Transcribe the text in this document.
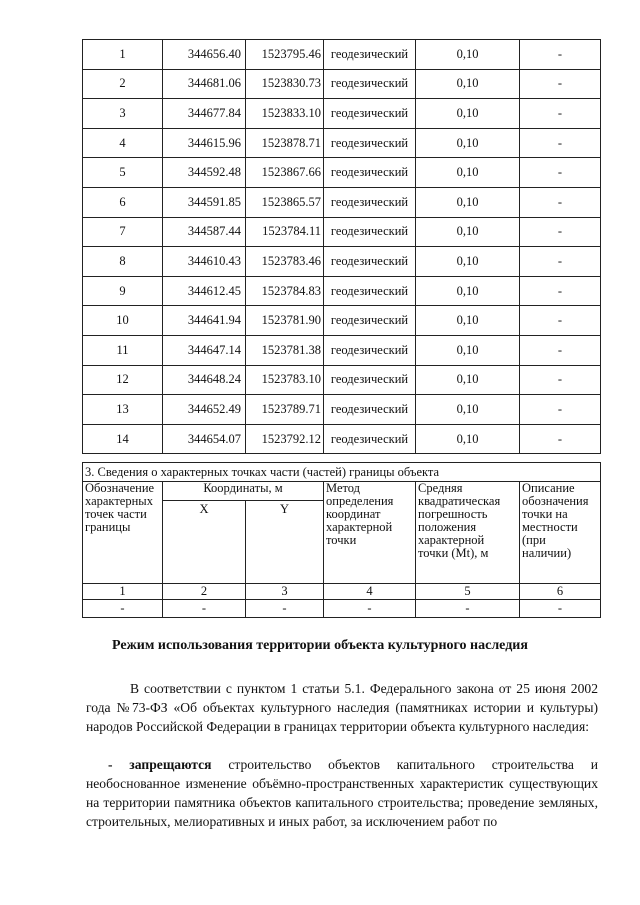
1	344656.40	1523795.46	геодезический	0,10	-
2	344681.06	1523830.73	геодезический	0,10	-
3	344677.84	1523833.10	геодезический	0,10	-
4	344615.96	1523878.71	геодезический	0,10	-
5	344592.48	1523867.66	геодезический	0,10	-
6	344591.85	1523865.57	геодезический	0,10	-
7	344587.44	1523784.11	геодезический	0,10	-
8	344610.43	1523783.46	геодезический	0,10	-
9	344612.45	1523784.83	геодезический	0,10	-
10	344641.94	1523781.90	геодезический	0,10	-
11	344647.14	1523781.38	геодезический	0,10	-
12	344648.24	1523783.10	геодезический	0,10	-
13	344652.49	1523789.71	геодезический	0,10	-
14	344654.07	1523792.12	геодезический	0,10	-
3. Сведения о характерных точках части (частей) границы объекта					
Обозначение характерных точек части границы	Координаты, м		Метод определения координат характерной точки	Средняя квадратическая погрешность положения характерной точки (Mt), м	Описание обозначения точки на местности (при наличии)
	X	Y			
1	2	3	4	5	6
-	-	-	-	-	-
Режим использования территории объекта культурного наследия
В соответствии с пунктом 1 статьи 5.1. Федерального закона от 25 июня 2002 года №73-ФЗ «Об объектах культурного наследия (памятниках истории и культуры) народов Российской Федерации в границах территории объекта культурного наследия:
- запрещаются строительство объектов капитального строительства и необоснованное изменение объёмно-пространственных характеристик существующих на территории памятника объектов капитального строительства; проведение земляных, строительных, мелиоративных и иных работ, за исключением работ по
